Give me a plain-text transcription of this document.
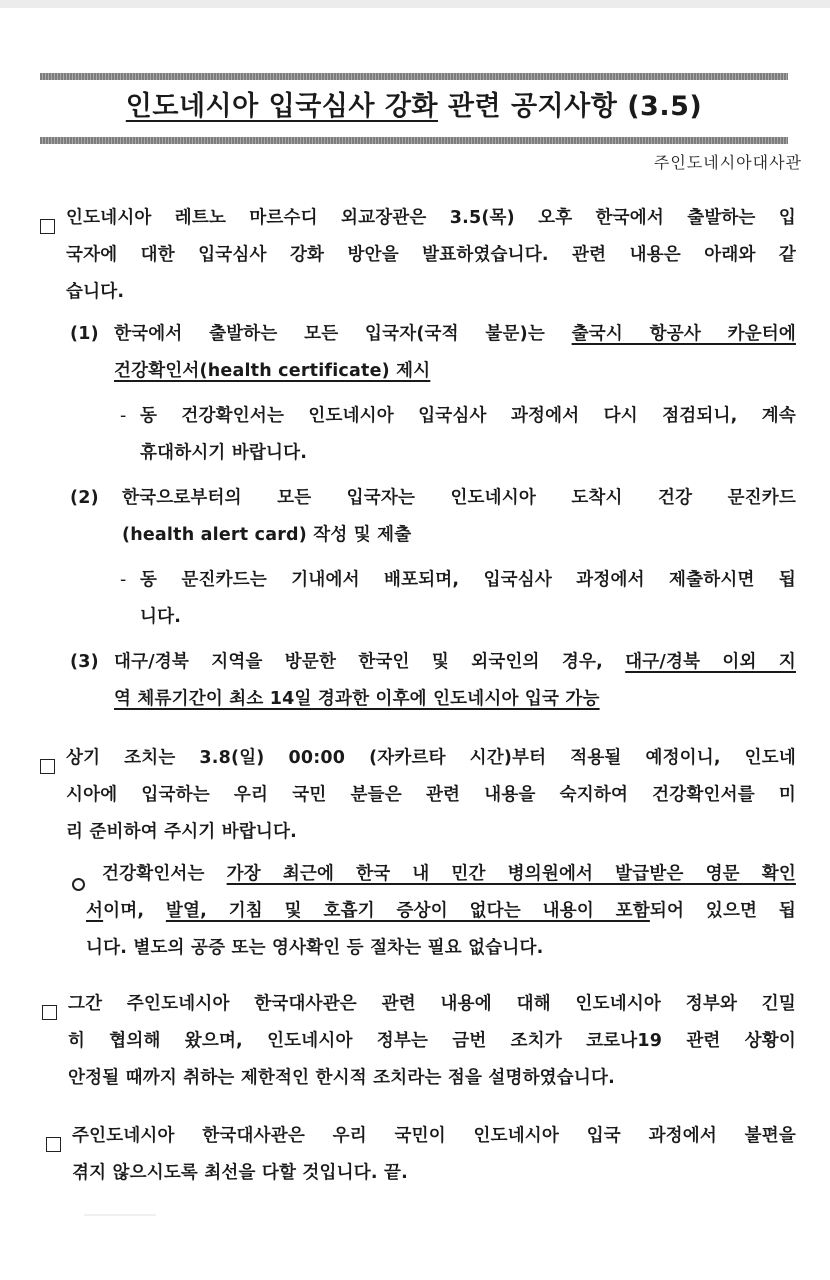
인도네시아 입국심사 강화 관련 공지사항 (3.5)
주인도네시아대사관
인도네시아 레트노 마르수디 외교장관은 3.5(목) 오후 한국에서 출발하는 입
국자에 대한 입국심사 강화 방안을 발표하였습니다. 관련 내용은 아래와 같
습니다.
(1) 한국에서 출발하는 모든 입국자(국적 불문)는 출국시 항공사 카운터에
건강확인서(health certificate) 제시
- 동 건강확인서는 인도네시아 입국심사 과정에서 다시 점검되니, 계속
휴대하시기 바랍니다.
(2) 한국으로부터의 모든 입국자는 인도네시아 도착시 건강 문진카드
(health alert card) 작성 및 제출
- 동 문진카드는 기내에서 배포되며, 입국심사 과정에서 제출하시면 됩
니다.
(3) 대구/경북 지역을 방문한 한국인 및 외국인의 경우, 대구/경북 이외 지
역 체류기간이 최소 14일 경과한 이후에 인도네시아 입국 가능
상기 조치는 3.8(일) 00:00 (자카르타 시간)부터 적용될 예정이니, 인도네
시아에 입국하는 우리 국민 분들은 관련 내용을 숙지하여 건강확인서를 미
리 준비하여 주시기 바랍니다.
건강확인서는 가장 최근에 한국 내 민간 병의원에서 발급받은 영문 확인
서이며, 발열, 기침 및 호흡기 증상이 없다는 내용이 포함되어 있으면 됩
니다. 별도의 공증 또는 영사확인 등 절차는 필요 없습니다.
그간 주인도네시아 한국대사관은 관련 내용에 대해 인도네시아 정부와 긴밀
히 협의해 왔으며, 인도네시아 정부는 금번 조치가 코로나19 관련 상황이
안정될 때까지 취하는 제한적인 한시적 조치라는 점을 설명하였습니다.
주인도네시아 한국대사관은 우리 국민이 인도네시아 입국 과정에서 불편을
겪지 않으시도록 최선을 다할 것입니다. 끝.
